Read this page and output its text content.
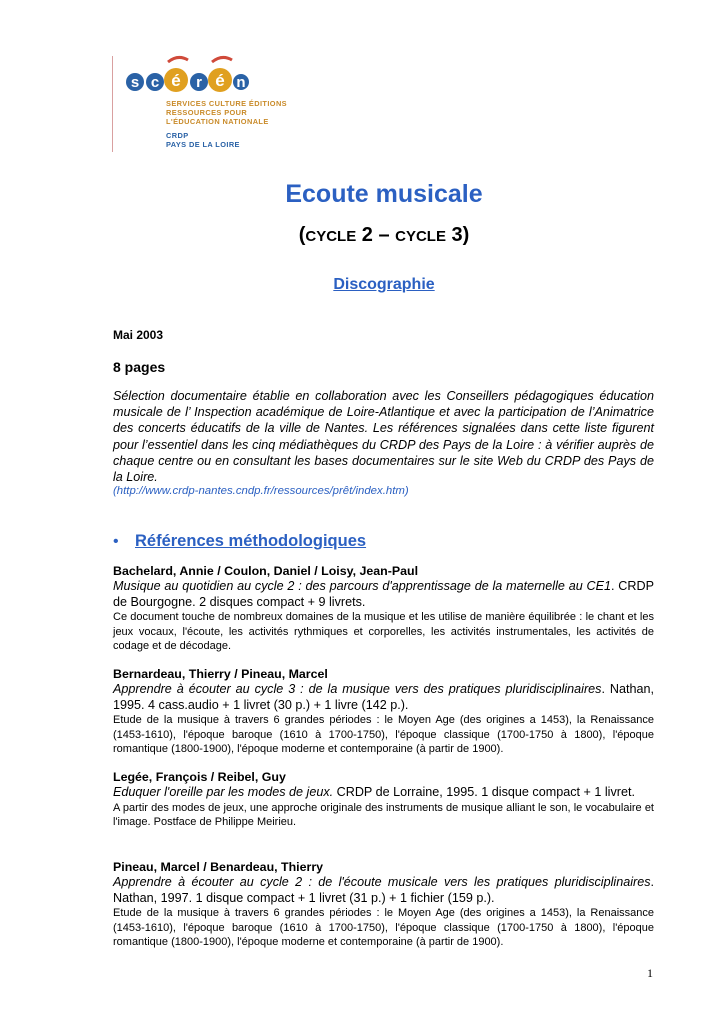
s c é r é n
SERVICES CULTURE ÉDITIONS
RESSOURCES POUR
L'ÉDUCATION NATIONALE
CRDP
PAYS DE LA LOIRE
Ecoute musicale
(CYCLE 2 – CYCLE 3)
Discographie
Mai 2003
8 pages
Sélection documentaire établie en collaboration avec les Conseillers pédagogiques éducation musicale de l’ Inspection académique de Loire-Atlantique et avec la participation de l’Animatrice des concerts éducatifs de la ville de Nantes. Les références signalées dans cette liste figurent pour l’essentiel dans les cinq médiathèques du CRDP des Pays de la Loire : à vérifier auprès de chaque centre ou en consultant les bases documentaires sur le site Web du CRDP des Pays de la Loire.
(http://www.crdp-nantes.cndp.fr/ressources/prêt/index.htm)
• Références méthodologiques
Bachelard, Annie / Coulon, Daniel / Loisy, Jean-Paul
Musique au quotidien au cycle 2 : des parcours d'apprentissage de la maternelle au CE1. CRDP de Bourgogne. 2 disques compact + 9 livrets.
Ce document touche de nombreux domaines de la musique et les utilise de manière équilibrée : le chant et les jeux vocaux, l'écoute, les activités rythmiques et corporelles, les activités instrumentales, les activités de codage et de décodage.
Bernardeau, Thierry / Pineau, Marcel
Apprendre à écouter au cycle 3 : de la musique vers des pratiques pluridisciplinaires. Nathan, 1995. 4 cass.audio + 1 livret (30 p.) + 1 livre (142 p.).
Etude de la musique à travers 6 grandes périodes : le Moyen Age (des origines a 1453), la Renaissance (1453-1610), l'époque baroque (1610 à 1700-1750), l'époque classique (1700-1750 à 1800), l'époque romantique (1800-1900), l'époque moderne et contemporaine (à partir de 1900).
Legée, François / Reibel, Guy
Eduquer l'oreille par les modes de jeux. CRDP de Lorraine, 1995. 1 disque compact + 1 livret.
A partir des modes de jeux, une approche originale des instruments de musique alliant le son, le vocabulaire et l'image. Postface de Philippe Meirieu.
Pineau, Marcel / Benardeau, Thierry
Apprendre à écouter au cycle 2 : de l'écoute musicale vers les pratiques pluridisciplinaires. Nathan, 1997. 1 disque compact + 1 livret (31 p.) + 1 fichier (159 p.).
Etude de la musique à travers 6 grandes périodes : le Moyen Age (des origines a 1453), la Renaissance (1453-1610), l'époque baroque (1610 à 1700-1750), l'époque classique (1700-1750 à 1800), l'époque romantique (1800-1900), l'époque moderne et contemporaine (à partir de 1900).
1
